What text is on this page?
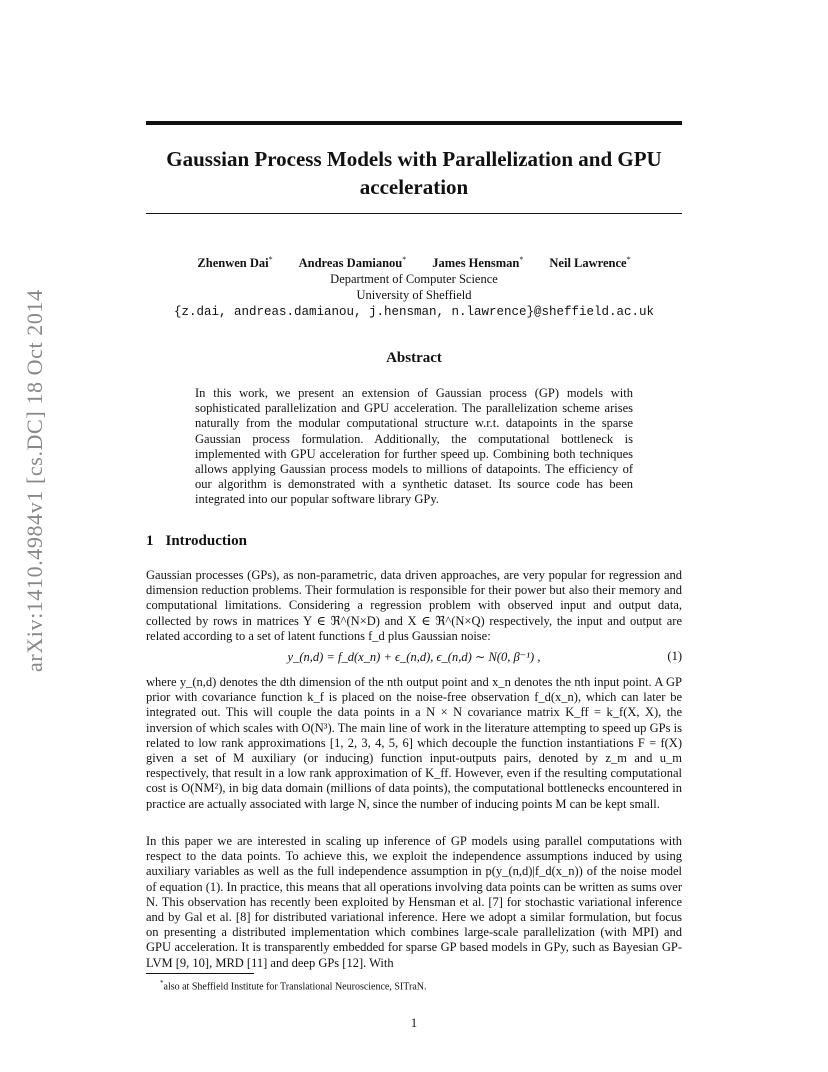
arXiv:1410.4984v1 [cs.DC] 18 Oct 2014
Gaussian Process Models with Parallelization and GPU acceleration
Zhenwen Dai* Andreas Damianou* James Hensman* Neil Lawrence*
Department of Computer Science
University of Sheffield
{z.dai, andreas.damianou, j.hensman, n.lawrence}@sheffield.ac.uk
Abstract

In this work, we present an extension of Gaussian process (GP) models with sophisticated parallelization and GPU acceleration. The parallelization scheme arises naturally from the modular computational structure w.r.t. datapoints in the sparse Gaussian process formulation. Additionally, the computational bottleneck is implemented with GPU acceleration for further speed up. Combining both techniques allows applying Gaussian process models to millions of datapoints. The efficiency of our algorithm is demonstrated with a synthetic dataset. Its source code has been integrated into our popular software library GPy.

1 Introduction

Gaussian processes (GPs), as non-parametric, data driven approaches, are very popular for regression and dimension reduction problems. Their formulation is responsible for their power but also their memory and computational limitations. Considering a regression problem with observed input and output data, collected by rows in matrices Y ∈ ℜ^(N×D) and X ∈ ℜ^(N×Q) respectively, the input and output are related according to a set of latent functions f_d plus Gaussian noise:

y_(n,d) = f_d(x_n) + ϵ_(n,d), ϵ_(n,d) ∼ N(0, β⁻¹) ,	(1)

where y_(n,d) denotes the dth dimension of the nth output point and x_n denotes the nth input point. A GP prior with covariance function k_f is placed on the noise-free observation f_d(x_n), which can later be integrated out. This will couple the data points in a N × N covariance matrix K_ff = k_f(X, X), the inversion of which scales with O(N³). The main line of work in the literature attempting to speed up GPs is related to low rank approximations [1, 2, 3, 4, 5, 6] which decouple the function instantiations F = f(X) given a set of M auxiliary (or inducing) function input-outputs pairs, denoted by z_m and u_m respectively, that result in a low rank approximation of K_ff. However, even if the resulting computational cost is O(NM²), in big data domain (millions of data points), the computational bottlenecks encountered in practice are actually associated with large N, since the number of inducing points M can be kept small.

In this paper we are interested in scaling up inference of GP models using parallel computations with respect to the data points. To achieve this, we exploit the independence assumptions induced by using auxiliary variables as well as the full independence assumption in p(y_(n,d)|f_d(x_n)) of the noise model of equation (1). In practice, this means that all operations involving data points can be written as sums over N. This observation has recently been exploited by Hensman et al. [7] for stochastic variational inference and by Gal et al. [8] for distributed variational inference. Here we adopt a similar formulation, but focus on presenting a distributed implementation which combines large-scale parallelization (with MPI) and GPU acceleration. It is transparently embedded for sparse GP based models in GPy, such as Bayesian GP-LVM [9, 10], MRD [11] and deep GPs [12]. With

*also at Sheffield Institute for Translational Neuroscience, SITraN.
1
